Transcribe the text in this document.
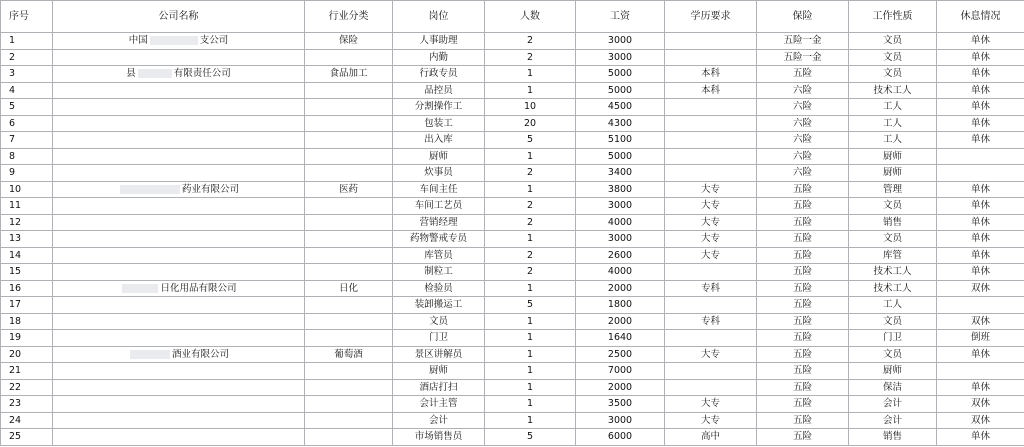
序号	公司名称	行业分类	岗位	人数	工资	学历要求	保险	工作性质	休息情况
1	中国 支公司	保险	人事助理	2	3000		五险一金	文员	单休
2			内勤	2	3000		五险一金	文员	单休
3	县 有限责任公司	食品加工	行政专员	1	5000	本科	五险	文员	单休
4			品控员	1	5000	本科	六险	技术工人	单休
5			分割操作工	10	4500		六险	工人	单休
6			包装工	20	4300		六险	工人	单休
7			出入库	5	5100		六险	工人	单休
8			厨师	1	5000		六险	厨师	
9			炊事员	2	3400		六险	厨师	
10	药业有限公司	医药	车间主任	1	3800	大专	五险	管理	单休
11			车间工艺员	2	3000	大专	五险	文员	单休
12			营销经理	2	4000	大专	五险	销售	单休
13			药物警戒专员	1	3000	大专	五险	文员	单休
14			库管员	2	2600	大专	五险	库管	单休
15			制粒工	2	4000		五险	技术工人	单休
16	日化用品有限公司	日化	检验员	1	2000	专科	五险	技术工人	双休
17			装卸搬运工	5	1800		五险	工人	
18			文员	1	2000	专科	五险	文员	双休
19			门卫	1	1640		五险	门卫	倒班
20	酒业有限公司	葡萄酒	景区讲解员	1	2500	大专	五险	文员	单休
21			厨师	1	7000		五险	厨师	
22			酒店打扫	1	2000		五险	保洁	单休
23			会计主管	1	3500	大专	五险	会计	双休
24			会计	1	3000	大专	五险	会计	双休
25			市场销售员	5	6000	高中	五险	销售	单休
